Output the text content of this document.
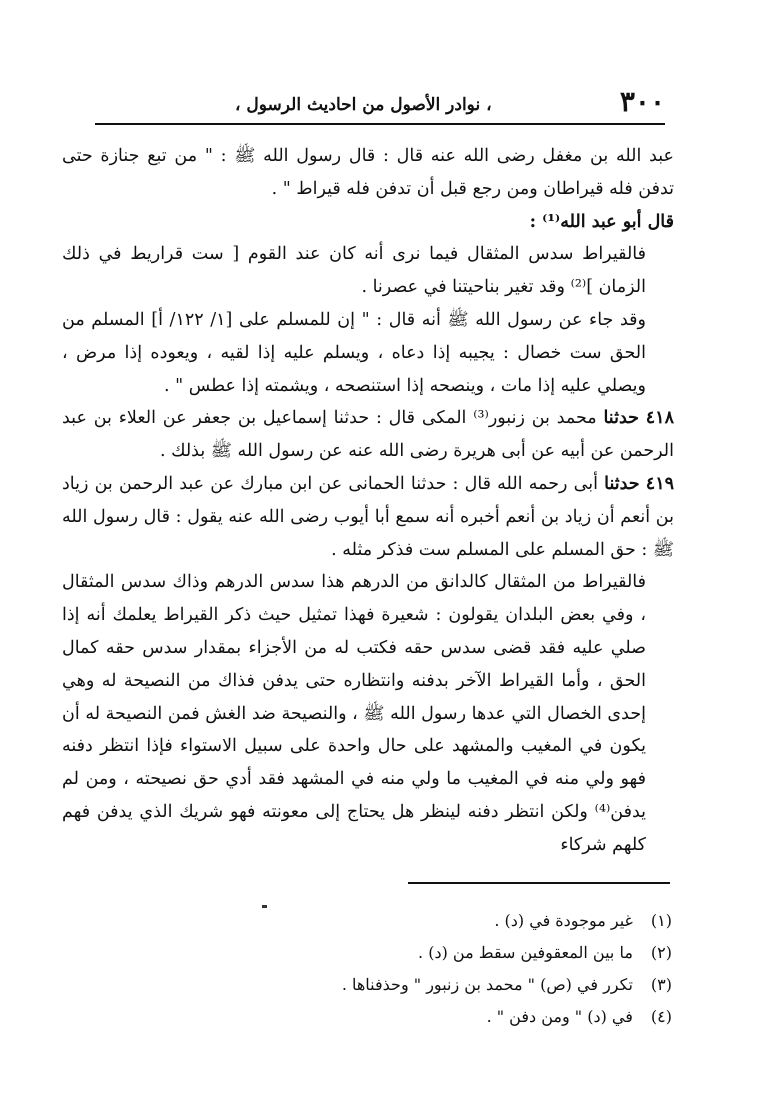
٣٠٠
، نوادر الأصول من احاديث الرسول ،

عبد الله بن مغفل رضى الله عنه قال : قال رسول الله ﷺ : " من تبع جنازة حتى تدفن فله قيراطان ومن رجع قبل أن تدفن فله قيراط " .

قال أبو عبد الله⁽¹⁾ :

فالقيراط سدس المثقال فيما نرى أنه كان عند القوم [ ست قراريط في ذلك الزمان ]⁽²⁾ وقد تغير بناحيتنا في عصرنا .

وقد جاء عن رسول الله ﷺ أنه قال : " إن للمسلم على [١/ ١٢٢/ أ] المسلم من الحق ست خصال : يجيبه إذا دعاه ، ويسلم عليه إذا لقيه ، ويعوده إذا مرض ، ويصلي عليه إذا مات ، وينصحه إذا استنصحه ، ويشمته إذا عطس " .

٤١٨ حدثنا محمد بن زنبور⁽³⁾ المكى قال : حدثنا إسماعيل بن جعفر عن العلاء بن عبد الرحمن عن أبيه عن أبى هريرة رضى الله عنه عن رسول الله ﷺ بذلك .

٤١٩ حدثنا أبى رحمه الله قال : حدثنا الحمانى عن ابن مبارك عن عبد الرحمن بن زياد بن أنعم أن زياد بن أنعم أخبره أنه سمع أبا أيوب رضى الله عنه يقول : قال رسول الله ﷺ : حق المسلم على المسلم ست فذكر مثله .

فالقيراط من المثقال كالدانق من الدرهم هذا سدس الدرهم وذاك سدس المثقال ، وفي بعض البلدان يقولون : شعيرة فهذا تمثيل حيث ذكر القيراط يعلمك أنه إذا صلي عليه فقد قضى سدس حقه فكتب له من الأجزاء بمقدار سدس حقه كمال الحق ، وأما القيراط الآخر بدفنه وانتظاره حتى يدفن فذاك من النصيحة له وهي إحدى الخصال التي عدها رسول الله ﷺ ، والنصيحة ضد الغش فمن النصيحة له أن يكون في المغيب والمشهد على حال واحدة على سبيل الاستواء فإذا انتظر دفنه فهو ولي منه في المغيب ما ولي منه في المشهد فقد أدي حق نصيحته ، ومن لم يدفن⁽⁴⁾ ولكن انتظر دفنه لينظر هل يحتاج إلى معونته فهو شريك الذي يدفن فهم كلهم شركاء

(١) غير موجودة في (د) .

(٢) ما بين المعقوفين سقط من (د) .

(٣) تكرر في (ص) " محمد بن زنبور " وحذفناها .

(٤) في (د) " ومن دفن " .
